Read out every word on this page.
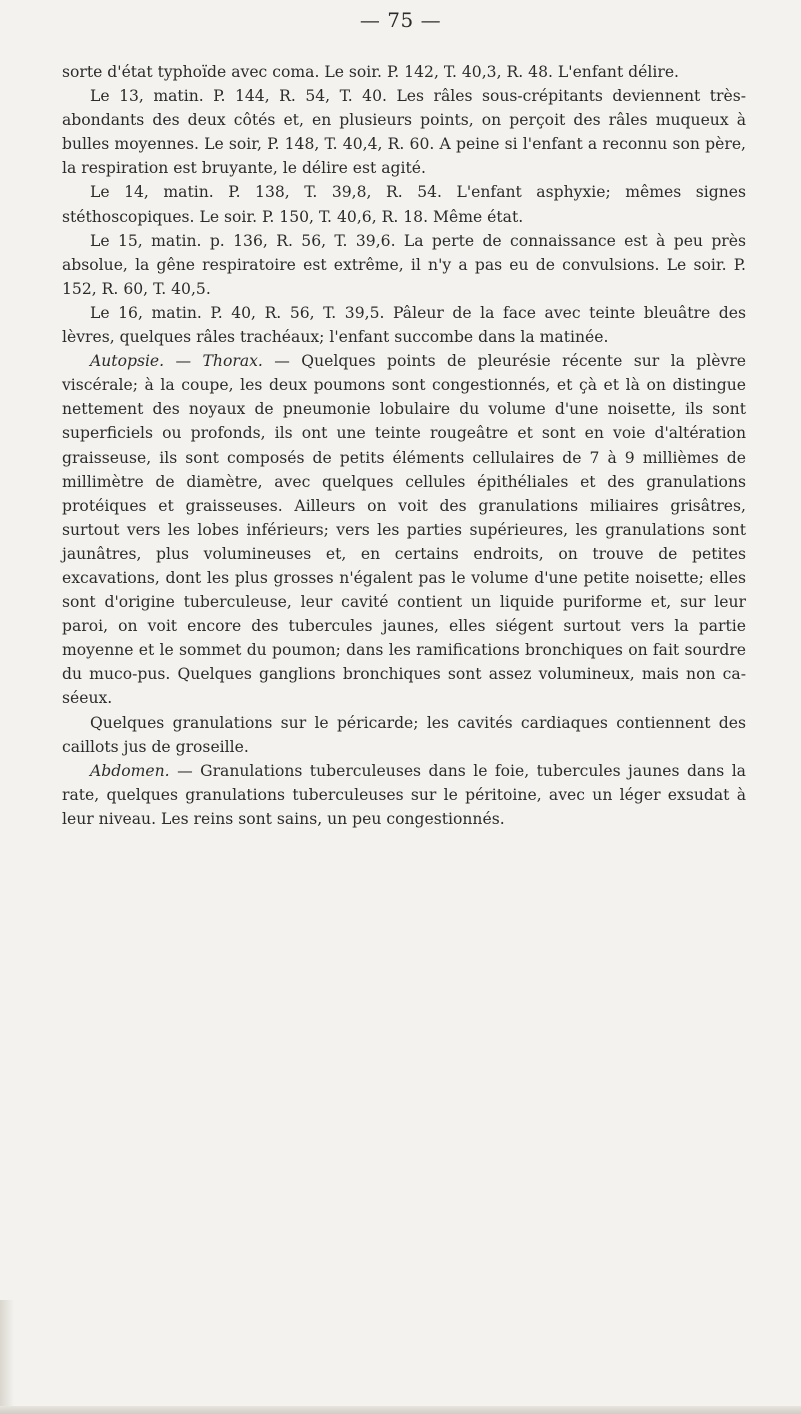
— 75 —

sorte d'état typhoïde avec coma. Le soir. P. 142, T. 40,3, R. 48. L'enfant délire.

Le 13, matin. P. 144, R. 54, T. 40. Les râles sous-crépitants deviennent très-abondants des deux côtés et, en plusieurs points, on perçoit des râles muqueux à bulles moyennes. Le soir, P. 148, T. 40,4, R. 60. A peine si l'enfant a reconnu son père, la respiration est bruyante, le délire est agité.

Le 14, matin. P. 138, T. 39,8, R. 54. L'enfant asphyxie; mêmes signes stéthoscopiques. Le soir. P. 150, T. 40,6, R. 18. Même état.

Le 15, matin. p. 136, R. 56, T. 39,6. La perte de connaissance est à peu près absolue, la gêne respiratoire est extrême, il n'y a pas eu de convulsions. Le soir. P. 152, R. 60, T. 40,5.

Le 16, matin. P. 40, R. 56, T. 39,5. Pâleur de la face avec teinte bleuâtre des lèvres, quelques râles trachéaux; l'enfant succombe dans la matinée.

Autopsie. — Thorax. — Quelques points de pleurésie récente sur la plèvre viscérale; à la coupe, les deux poumons sont congestionnés, et çà et là on distingue nettement des noyaux de pneumonie lobulaire du volume d'une noisette, ils sont superficiels ou profonds, ils ont une teinte rougeâtre et sont en voie d'altération graisseuse, ils sont composés de petits éléments cellulaires de 7 à 9 millièmes de millimètre de diamètre, avec quelques cellules épithéliales et des granulations protéiques et graisseuses. Ailleurs on voit des granulations miliaires grisâtres, surtout vers les lobes inférieurs; vers les parties supérieures, les granulations sont jaunâtres, plus volumineuses et, en certains endroits, on trouve de petites excavations, dont les plus grosses n'égalent pas le volume d'une petite noisette; elles sont d'origine tuberculeuse, leur cavité contient un liquide puriforme et, sur leur paroi, on voit encore des tubercules jaunes, elles siégent surtout vers la partie moyenne et le sommet du poumon; dans les ramifications bronchiques on fait sourdre du muco-pus. Quelques ganglions bronchiques sont assez volumineux, mais non caséeux.

Quelques granulations sur le péricarde; les cavités cardiaques contiennent des caillots jus de groseille.

Abdomen. — Granulations tuberculeuses dans le foie, tubercules jaunes dans la rate, quelques granulations tuberculeuses sur le péritoine, avec un léger exsudat à leur niveau. Les reins sont sains, un peu congestionnés.
